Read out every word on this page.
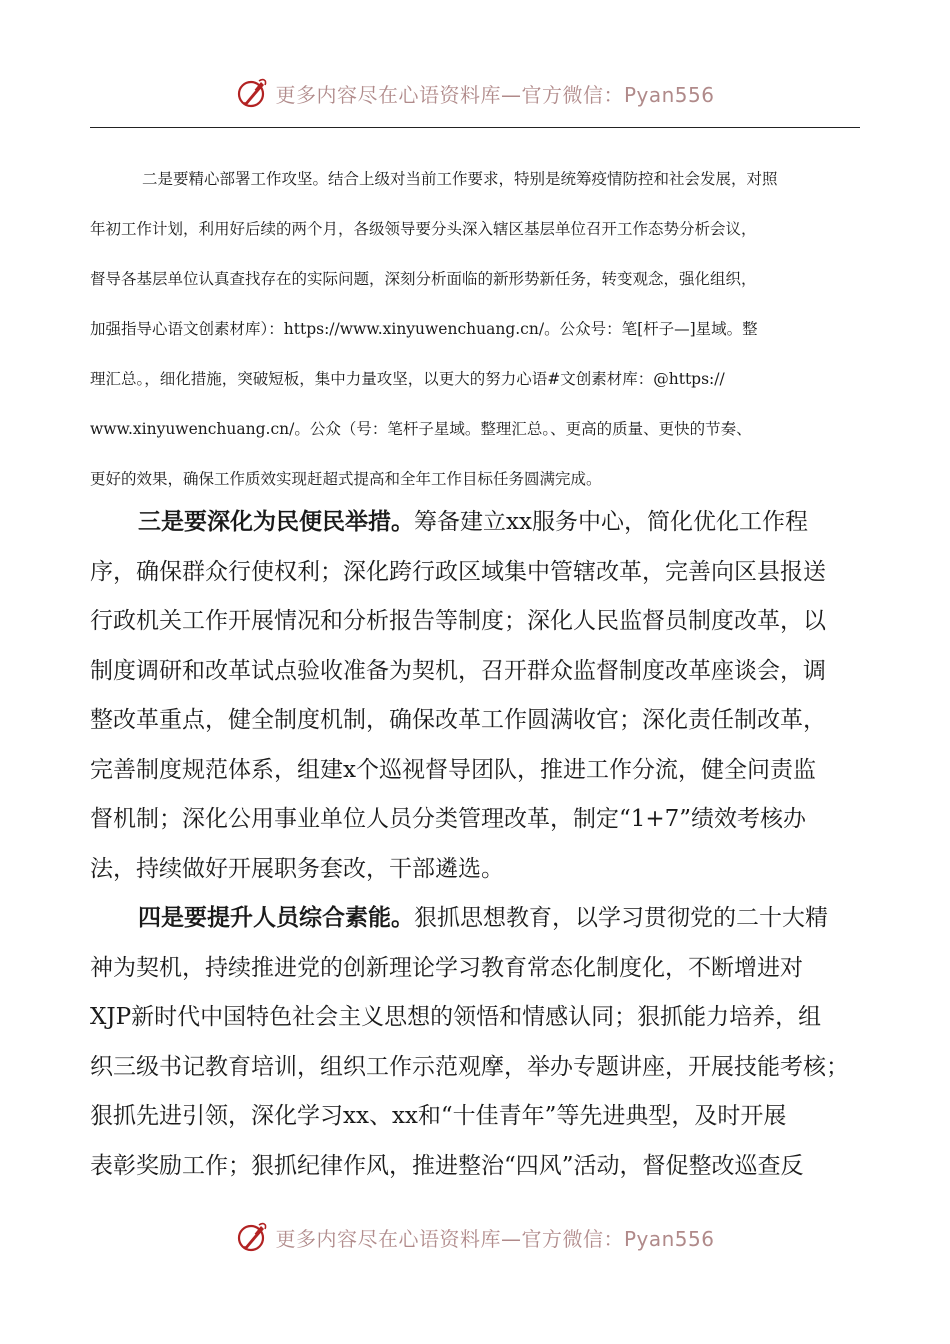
更多内容尽在心语资料库—官方微信：Pyan556
二是要精心部署工作攻坚。结合上级对当前工作要求，特别是统筹疫情防控和社会发展，对照
年初工作计划，利用好后续的两个月，各级领导要分头深入辖区基层单位召开工作态势分析会议，
督导各基层单位认真查找存在的实际问题，深刻分析面临的新形势新任务，转变观念，强化组织，
加强指导心语文创素材库）：https://www.xinyuwenchuang.cn/。公众号：笔[杆子—]星域。整
理汇总。，细化措施，突破短板，集中力量攻坚，以更大的努力心语#文创素材库：@https://
www.xinyuwenchuang.cn/。公众（号：笔杆子星域。整理汇总。、更高的质量、更快的节奏、
更好的效果，确保工作质效实现赶超式提高和全年工作目标任务圆满完成。
三是要深化为民便民举措。筹备建立xx服务中心，简化优化工作程
序，确保群众行使权利；深化跨行政区域集中管辖改革，完善向区县报送
行政机关工作开展情况和分析报告等制度；深化人民监督员制度改革，以
制度调研和改革试点验收准备为契机，召开群众监督制度改革座谈会，调
整改革重点，健全制度机制，确保改革工作圆满收官；深化责任制改革，
完善制度规范体系，组建x个巡视督导团队，推进工作分流，健全问责监
督机制；深化公用事业单位人员分类管理改革，制定“1+7”绩效考核办
法，持续做好开展职务套改，干部遴选。
四是要提升人员综合素能。狠抓思想教育，以学习贯彻党的二十大精
神为契机，持续推进党的创新理论学习教育常态化制度化，不断增进对
XJP新时代中国特色社会主义思想的领悟和情感认同；狠抓能力培养，组
织三级书记教育培训，组织工作示范观摩，举办专题讲座，开展技能考核；
狠抓先进引领，深化学习xx、xx和“十佳青年”等先进典型，及时开展
表彰奖励工作；狠抓纪律作风，推进整治“四风”活动，督促整改巡查反
更多内容尽在心语资料库—官方微信：Pyan556
